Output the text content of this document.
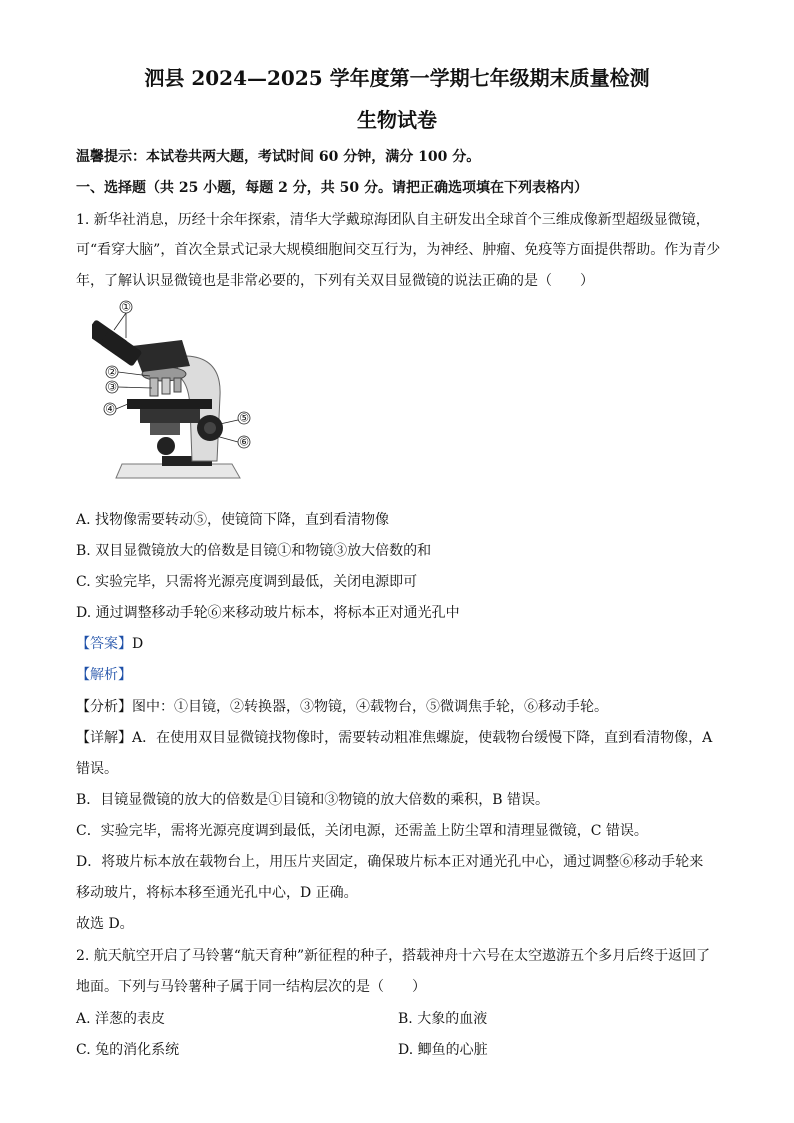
泗县 2024—2025 学年度第一学期七年级期末质量检测
生物试卷
温馨提示：本试卷共两大题，考试时间 60 分钟，满分 100 分。
一、选择题（共 25 小题，每题 2 分，共 50 分。请把正确选项填在下列表格内）
1. 新华社消息，历经十余年探索，清华大学戴琼海团队自主研发出全球首个三维成像新型超级显微镜，
可“看穿大脑”，首次全景式记录大规模细胞间交互行为，为神经、肿瘤、免疫等方面提供帮助。作为青少
年，了解认识显微镜也是非常必要的，下列有关双目显微镜的说法正确的是（　　）
①
②
③
④
⑤
⑥
A. 找物像需要转动⑤，使镜筒下降，直到看清物像
B. 双目显微镜放大的倍数是目镜①和物镜③放大倍数的和
C. 实验完毕，只需将光源亮度调到最低，关闭电源即可
D. 通过调整移动手轮⑥来移动玻片标本，将标本正对通光孔中
【答案】D
【解析】
【分析】图中：①目镜，②转换器，③物镜，④载物台，⑤微调焦手轮，⑥移动手轮。
【详解】A．在使用双目显微镜找物像时，需要转动粗准焦螺旋，使载物台缓慢下降，直到看清物像，A
错误。
B．目镜显微镜的放大的倍数是①目镜和③物镜的放大倍数的乘积，B 错误。
C．实验完毕，需将光源亮度调到最低，关闭电源，还需盖上防尘罩和清理显微镜，C 错误。
D．将玻片标本放在载物台上，用压片夹固定，确保玻片标本正对通光孔中心，通过调整⑥移动手轮来
移动玻片，将标本移至通光孔中心，D 正确。
故选 D。
2. 航天航空开启了马铃薯“航天育种”新征程的种子，搭载神舟十六号在太空遨游五个多月后终于返回了
地面。下列与马铃薯种子属于同一结构层次的是（　　）
A. 洋葱的表皮	B. 大象的血液
C. 兔的消化系统	D. 鲫鱼的心脏
